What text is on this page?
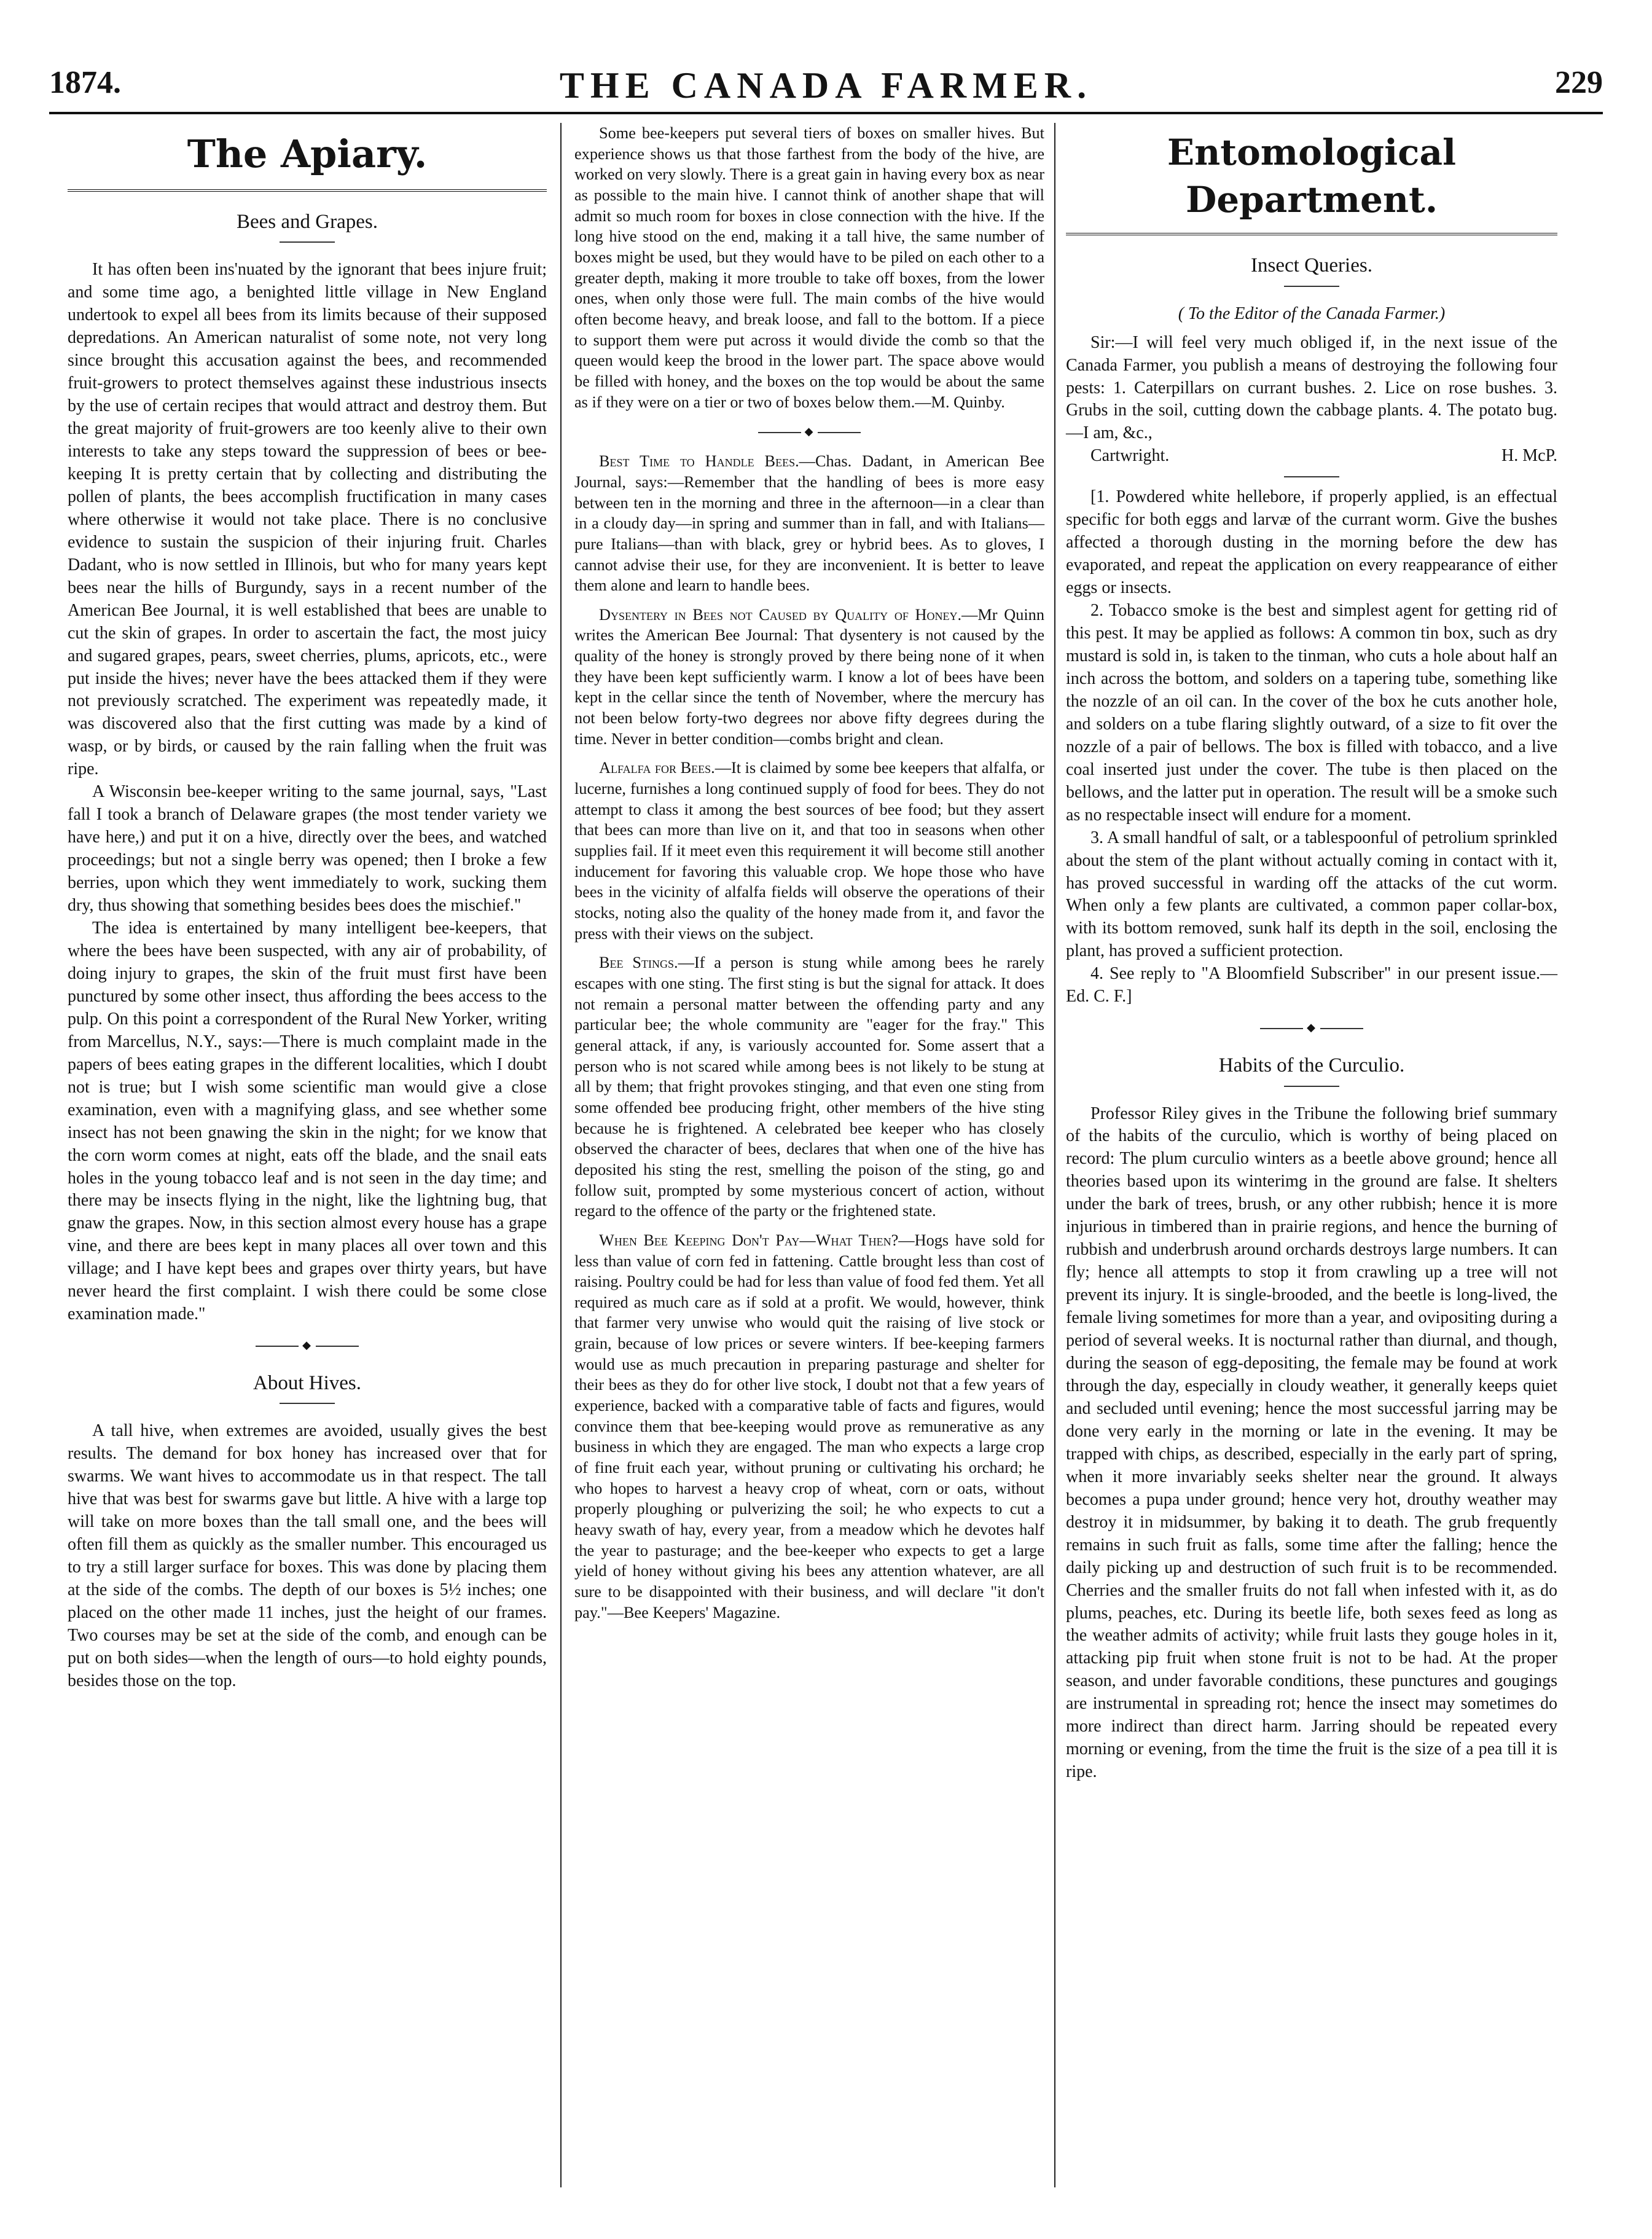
1874.	THE CANADA FARMER.	229
The Apiary.
Bees and Grapes.

It has often been ins'nuated by the ignorant that bees injure fruit; and some time ago, a benighted little village in New England undertook to expel all bees from its limits because of their supposed depredations. An American naturalist of some note, not very long since brought this accusation against the bees, and recommended fruit-growers to protect themselves against these industrious insects by the use of certain recipes that would attract and destroy them. But the great majority of fruit-growers are too keenly alive to their own interests to take any steps toward the suppression of bees or bee-keeping It is pretty certain that by collecting and distributing the pollen of plants, the bees accomplish fructification in many cases where otherwise it would not take place. There is no conclusive evidence to sustain the suspicion of their injuring fruit. Charles Dadant, who is now settled in Illinois, but who for many years kept bees near the hills of Burgundy, says in a recent number of the American Bee Journal, it is well established that bees are unable to cut the skin of grapes. In order to ascertain the fact, the most juicy and sugared grapes, pears, sweet cherries, plums, apricots, etc., were put inside the hives; never have the bees attacked them if they were not previously scratched. The experiment was repeatedly made, it was discovered also that the first cutting was made by a kind of wasp, or by birds, or caused by the rain falling when the fruit was ripe.

A Wisconsin bee-keeper writing to the same journal, says, "Last fall I took a branch of Delaware grapes (the most tender variety we have here,) and put it on a hive, directly over the bees, and watched proceedings; but not a single berry was opened; then I broke a few berries, upon which they went immediately to work, sucking them dry, thus showing that something besides bees does the mischief."

The idea is entertained by many intelligent bee-keepers, that where the bees have been suspected, with any air of probability, of doing injury to grapes, the skin of the fruit must first have been punctured by some other insect, thus affording the bees access to the pulp. On this point a correspondent of the Rural New Yorker, writing from Marcellus, N.Y., says:—There is much complaint made in the papers of bees eating grapes in the different localities, which I doubt not is true; but I wish some scientific man would give a close examination, even with a magnifying glass, and see whether some insect has not been gnawing the skin in the night; for we know that the corn worm comes at night, eats off the blade, and the snail eats holes in the young tobacco leaf and is not seen in the day time; and there may be insects flying in the night, like the lightning bug, that gnaw the grapes. Now, in this section almost every house has a grape vine, and there are bees kept in many places all over town and this village; and I have kept bees and grapes over thirty years, but have never heard the first complaint. I wish there could be some close examination made."

◆
About Hives.

A tall hive, when extremes are avoided, usually gives the best results. The demand for box honey has increased over that for swarms. We want hives to accommodate us in that respect. The tall hive that was best for swarms gave but little. A hive with a large top will take on more boxes than the tall small one, and the bees will often fill them as quickly as the smaller number. This encouraged us to try a still larger surface for boxes. This was done by placing them at the side of the combs. The depth of our boxes is 5½ inches; one placed on the other made 11 inches, just the height of our frames. Two courses may be set at the side of the comb, and enough can be put on both sides—when the length of ours—to hold eighty pounds, besides those on the top.

Some bee-keepers put several tiers of boxes on smaller hives. But experience shows us that those farthest from the body of the hive, are worked on very slowly. There is a great gain in having every box as near as possible to the main hive. I cannot think of another shape that will admit so much room for boxes in close connection with the hive. If the long hive stood on the end, making it a tall hive, the same number of boxes might be used, but they would have to be piled on each other to a greater depth, making it more trouble to take off boxes, from the lower ones, when only those were full. The main combs of the hive would often become heavy, and break loose, and fall to the bottom. If a piece to support them were put across it would divide the comb so that the queen would keep the brood in the lower part. The space above would be filled with honey, and the boxes on the top would be about the same as if they were on a tier or two of boxes below them.—M. Quinby.

◆

Best Time to Handle Bees.—Chas. Dadant, in American Bee Journal, says:—Remember that the handling of bees is more easy between ten in the morning and three in the afternoon—in a clear than in a cloudy day—in spring and summer than in fall, and with Italians—pure Italians—than with black, grey or hybrid bees. As to gloves, I cannot advise their use, for they are inconvenient. It is better to leave them alone and learn to handle bees.

Dysentery in Bees not Caused by Quality of Honey.—Mr Quinn writes the American Bee Journal: That dysentery is not caused by the quality of the honey is strongly proved by there being none of it when they have been kept sufficiently warm. I know a lot of bees have been kept in the cellar since the tenth of November, where the mercury has not been below forty-two degrees nor above fifty degrees during the time. Never in better condition—combs bright and clean.

Alfalfa for Bees.—It is claimed by some bee keepers that alfalfa, or lucerne, furnishes a long continued supply of food for bees. They do not attempt to class it among the best sources of bee food; but they assert that bees can more than live on it, and that too in seasons when other supplies fail. If it meet even this requirement it will become still another inducement for favoring this valuable crop. We hope those who have bees in the vicinity of alfalfa fields will observe the operations of their stocks, noting also the quality of the honey made from it, and favor the press with their views on the subject.

Bee Stings.—If a person is stung while among bees he rarely escapes with one sting. The first sting is but the signal for attack. It does not remain a personal matter between the offending party and any particular bee; the whole community are "eager for the fray." This general attack, if any, is variously accounted for. Some assert that a person who is not scared while among bees is not likely to be stung at all by them; that fright provokes stinging, and that even one sting from some offended bee producing fright, other members of the hive sting because he is frightened. A celebrated bee keeper who has closely observed the character of bees, declares that when one of the hive has deposited his sting the rest, smelling the poison of the sting, go and follow suit, prompted by some mysterious concert of action, without regard to the offence of the party or the frightened state.

When Bee Keeping Don't Pay—What Then?—Hogs have sold for less than value of corn fed in fattening. Cattle brought less than cost of raising. Poultry could be had for less than value of food fed them. Yet all required as much care as if sold at a profit. We would, however, think that farmer very unwise who would quit the raising of live stock or grain, because of low prices or severe winters. If bee-keeping farmers would use as much precaution in preparing pasturage and shelter for their bees as they do for other live stock, I doubt not that a few years of experience, backed with a comparative table of facts and figures, would convince them that bee-keeping would prove as remunerative as any business in which they are engaged. The man who expects a large crop of fine fruit each year, without pruning or cultivating his orchard; he who hopes to harvest a heavy crop of wheat, corn or oats, without properly ploughing or pulverizing the soil; he who expects to cut a heavy swath of hay, every year, from a meadow which he devotes half the year to pasturage; and the bee-keeper who expects to get a large yield of honey without giving his bees any attention whatever, are all sure to be disappointed with their business, and will declare "it don't pay."—Bee Keepers' Magazine.

Entomological Department.
Insect Queries.

( To the Editor of the Canada Farmer.)

Sir:—I will feel very much obliged if, in the next issue of the Canada Farmer, you publish a means of destroying the following four pests: 1. Caterpillars on currant bushes. 2. Lice on rose bushes. 3. Grubs in the soil, cutting down the cabbage plants. 4. The potato bug.—I am, &c.,

Cartwright.	H. McP.

[1. Powdered white hellebore, if properly applied, is an effectual specific for both eggs and larvæ of the currant worm. Give the bushes affected a thorough dusting in the morning before the dew has evaporated, and repeat the application on every reappearance of either eggs or insects.

2. Tobacco smoke is the best and simplest agent for getting rid of this pest. It may be applied as follows: A common tin box, such as dry mustard is sold in, is taken to the tinman, who cuts a hole about half an inch across the bottom, and solders on a tapering tube, something like the nozzle of an oil can. In the cover of the box he cuts another hole, and solders on a tube flaring slightly outward, of a size to fit over the nozzle of a pair of bellows. The box is filled with tobacco, and a live coal inserted just under the cover. The tube is then placed on the bellows, and the latter put in operation. The result will be a smoke such as no respectable insect will endure for a moment.

3. A small handful of salt, or a tablespoonful of petrolium sprinkled about the stem of the plant without actually coming in contact with it, has proved successful in warding off the attacks of the cut worm. When only a few plants are cultivated, a common paper collar-box, with its bottom removed, sunk half its depth in the soil, enclosing the plant, has proved a sufficient protection.

4. See reply to "A Bloomfield Subscriber" in our present issue.—Ed. C. F.]

◆
Habits of the Curculio.

Professor Riley gives in the Tribune the following brief summary of the habits of the curculio, which is worthy of being placed on record: The plum curculio winters as a beetle above ground; hence all theories based upon its winterimg in the ground are false. It shelters under the bark of trees, brush, or any other rubbish; hence it is more injurious in timbered than in prairie regions, and hence the burning of rubbish and underbrush around orchards destroys large numbers. It can fly; hence all attempts to stop it from crawling up a tree will not prevent its injury. It is single-brooded, and the beetle is long-lived, the female living sometimes for more than a year, and ovipositing during a period of several weeks. It is nocturnal rather than diurnal, and though, during the season of egg-depositing, the female may be found at work through the day, especially in cloudy weather, it generally keeps quiet and secluded until evening; hence the most successful jarring may be done very early in the morning or late in the evening. It may be trapped with chips, as described, especially in the early part of spring, when it more invariably seeks shelter near the ground. It always becomes a pupa under ground; hence very hot, drouthy weather may destroy it in midsummer, by baking it to death. The grub frequently remains in such fruit as falls, some time after the falling; hence the daily picking up and destruction of such fruit is to be recommended. Cherries and the smaller fruits do not fall when infested with it, as do plums, peaches, etc. During its beetle life, both sexes feed as long as the weather admits of activity; while fruit lasts they gouge holes in it, attacking pip fruit when stone fruit is not to be had. At the proper season, and under favorable conditions, these punctures and gougings are instrumental in spreading rot; hence the insect may sometimes do more indirect than direct harm. Jarring should be repeated every morning or evening, from the time the fruit is the size of a pea till it is ripe.
